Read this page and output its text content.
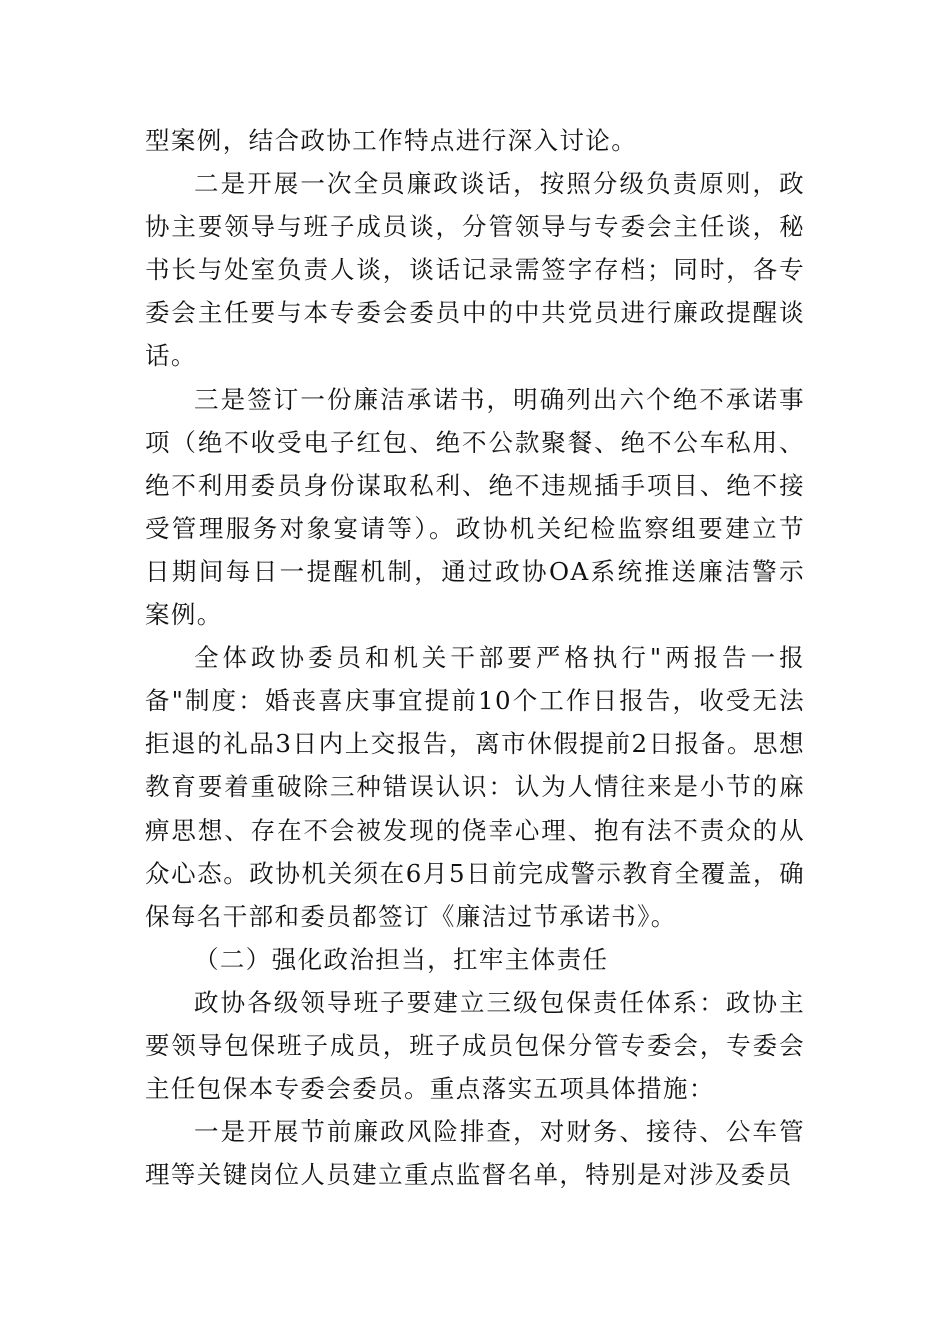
型案例，结合政协工作特点进行深入讨论。

二是开展一次全员廉政谈话，按照分级负责原则，政协主要领导与班子成员谈，分管领导与专委会主任谈，秘书长与处室负责人谈，谈话记录需签字存档；同时，各专委会主任要与本专委会委员中的中共党员进行廉政提醒谈话。

三是签订一份廉洁承诺书，明确列出六个绝不承诺事项（绝不收受电子红包、绝不公款聚餐、绝不公车私用、绝不利用委员身份谋取私利、绝不违规插手项目、绝不接受管理服务对象宴请等）。政协机关纪检监察组要建立节日期间每日一提醒机制，通过政协OA系统推送廉洁警示案例。

全体政协委员和机关干部要严格执行"两报告一报备"制度：婚丧喜庆事宜提前10个工作日报告，收受无法拒退的礼品3日内上交报告，离市休假提前2日报备。思想教育要着重破除三种错误认识：认为人情往来是小节的麻痹思想、存在不会被发现的侥幸心理、抱有法不责众的从众心态。政协机关须在6月5日前完成警示教育全覆盖，确保每名干部和委员都签订《廉洁过节承诺书》。

（二）强化政治担当，扛牢主体责任

政协各级领导班子要建立三级包保责任体系：政协主要领导包保班子成员，班子成员包保分管专委会，专委会主任包保本专委会委员。重点落实五项具体措施：

一是开展节前廉政风险排查，对财务、接待、公车管理等关键岗位人员建立重点监督名单，特别是对涉及委员
